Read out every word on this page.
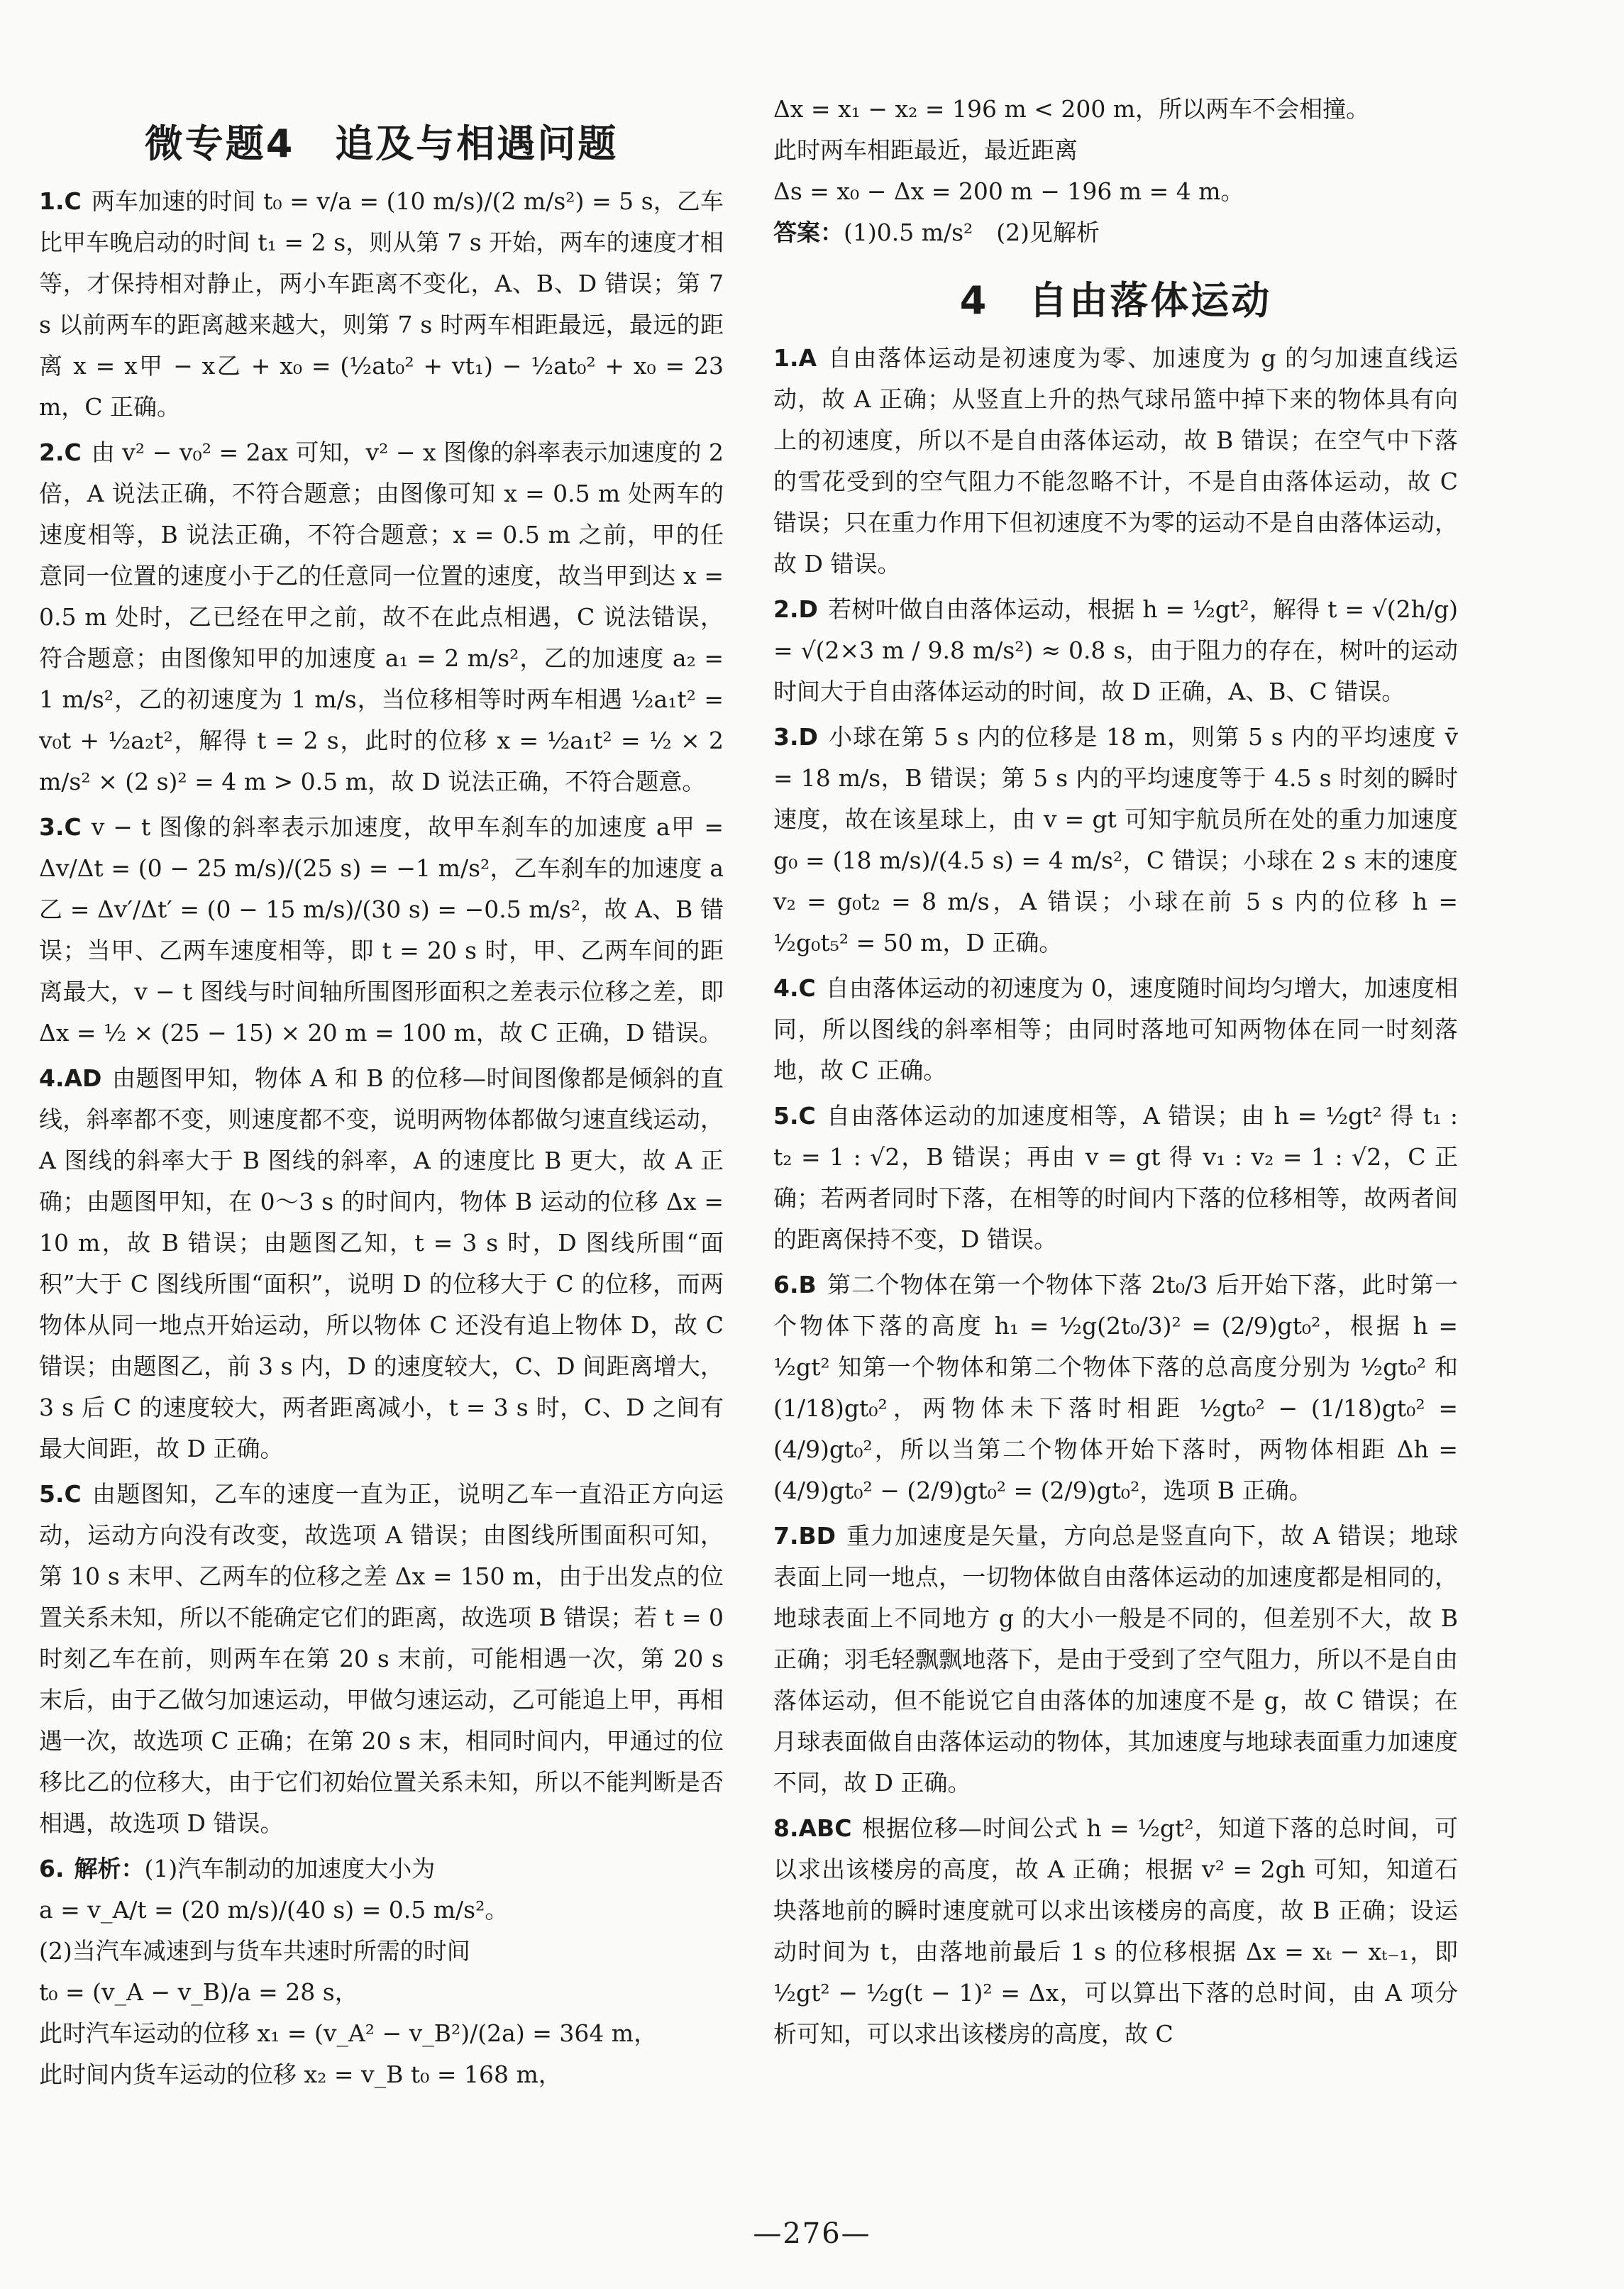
微专题4　追及与相遇问题
1.C 两车加速的时间 t₀ = v/a = (10 m/s)/(2 m/s²) = 5 s，乙车比甲车晚启动的时间 t₁ = 2 s，则从第 7 s 开始，两车的速度才相等，才保持相对静止，两小车距离不变化，A、B、D 错误；第 7 s 以前两车的距离越来越大，则第 7 s 时两车相距最远，最远的距离 x = x甲 − x乙 + x₀ = (½at₀² + vt₁) − ½at₀² + x₀ = 23 m，C 正确。
2.C 由 v² − v₀² = 2ax 可知，v² − x 图像的斜率表示加速度的 2 倍，A 说法正确，不符合题意；由图像可知 x = 0.5 m 处两车的速度相等，B 说法正确，不符合题意；x = 0.5 m 之前，甲的任意同一位置的速度小于乙的任意同一位置的速度，故当甲到达 x = 0.5 m 处时，乙已经在甲之前，故不在此点相遇，C 说法错误，符合题意；由图像知甲的加速度 a₁ = 2 m/s²，乙的加速度 a₂ = 1 m/s²，乙的初速度为 1 m/s，当位移相等时两车相遇 ½a₁t² = v₀t + ½a₂t²，解得 t = 2 s，此时的位移 x = ½a₁t² = ½ × 2 m/s² × (2 s)² = 4 m > 0.5 m，故 D 说法正确，不符合题意。
3.C v − t 图像的斜率表示加速度，故甲车刹车的加速度 a甲 = Δv/Δt = (0 − 25 m/s)/(25 s) = −1 m/s²，乙车刹车的加速度 a乙 = Δv′/Δt′ = (0 − 15 m/s)/(30 s) = −0.5 m/s²，故 A、B 错误；当甲、乙两车速度相等，即 t = 20 s 时，甲、乙两车间的距离最大，v − t 图线与时间轴所围图形面积之差表示位移之差，即 Δx = ½ × (25 − 15) × 20 m = 100 m，故 C 正确，D 错误。
4.AD 由题图甲知，物体 A 和 B 的位移—时间图像都是倾斜的直线，斜率都不变，则速度都不变，说明两物体都做匀速直线运动，A 图线的斜率大于 B 图线的斜率，A 的速度比 B 更大，故 A 正确；由题图甲知，在 0～3 s 的时间内，物体 B 运动的位移 Δx = 10 m，故 B 错误；由题图乙知，t = 3 s 时，D 图线所围“面积”大于 C 图线所围“面积”，说明 D 的位移大于 C 的位移，而两物体从同一地点开始运动，所以物体 C 还没有追上物体 D，故 C 错误；由题图乙，前 3 s 内，D 的速度较大，C、D 间距离增大，3 s 后 C 的速度较大，两者距离减小，t = 3 s 时，C、D 之间有最大间距，故 D 正确。
5.C 由题图知，乙车的速度一直为正，说明乙车一直沿正方向运动，运动方向没有改变，故选项 A 错误；由图线所围面积可知，第 10 s 末甲、乙两车的位移之差 Δx = 150 m，由于出发点的位置关系未知，所以不能确定它们的距离，故选项 B 错误；若 t = 0 时刻乙车在前，则两车在第 20 s 末前，可能相遇一次，第 20 s 末后，由于乙做匀加速运动，甲做匀速运动，乙可能追上甲，再相遇一次，故选项 C 正确；在第 20 s 末，相同时间内，甲通过的位移比乙的位移大，由于它们初始位置关系未知，所以不能判断是否相遇，故选项 D 错误。
6. 解析：(1)汽车制动的加速度大小为
a = v_A/t = (20 m/s)/(40 s) = 0.5 m/s²。
(2)当汽车减速到与货车共速时所需的时间
t₀ = (v_A − v_B)/a = 28 s，
此时汽车运动的位移 x₁ = (v_A² − v_B²)/(2a) = 364 m，
此时间内货车运动的位移 x₂ = v_B t₀ = 168 m，
Δx = x₁ − x₂ = 196 m < 200 m，所以两车不会相撞。
此时两车相距最近，最近距离
Δs = x₀ − Δx = 200 m − 196 m = 4 m。
答案：(1)0.5 m/s²　(2)见解析
4　自由落体运动
1.A 自由落体运动是初速度为零、加速度为 g 的匀加速直线运动，故 A 正确；从竖直上升的热气球吊篮中掉下来的物体具有向上的初速度，所以不是自由落体运动，故 B 错误；在空气中下落的雪花受到的空气阻力不能忽略不计，不是自由落体运动，故 C 错误；只在重力作用下但初速度不为零的运动不是自由落体运动，故 D 错误。
2.D 若树叶做自由落体运动，根据 h = ½gt²，解得 t = √(2h/g) = √(2×3 m / 9.8 m/s²) ≈ 0.8 s，由于阻力的存在，树叶的运动时间大于自由落体运动的时间，故 D 正确，A、B、C 错误。
3.D 小球在第 5 s 内的位移是 18 m，则第 5 s 内的平均速度 v̄ = 18 m/s，B 错误；第 5 s 内的平均速度等于 4.5 s 时刻的瞬时速度，故在该星球上，由 v = gt 可知宇航员所在处的重力加速度 g₀ = (18 m/s)/(4.5 s) = 4 m/s²，C 错误；小球在 2 s 末的速度 v₂ = g₀t₂ = 8 m/s，A 错误；小球在前 5 s 内的位移 h = ½g₀t₅² = 50 m，D 正确。
4.C 自由落体运动的初速度为 0，速度随时间均匀增大，加速度相同，所以图线的斜率相等；由同时落地可知两物体在同一时刻落地，故 C 正确。
5.C 自由落体运动的加速度相等，A 错误；由 h = ½gt² 得 t₁ : t₂ = 1 : √2，B 错误；再由 v = gt 得 v₁ : v₂ = 1 : √2，C 正确；若两者同时下落，在相等的时间内下落的位移相等，故两者间的距离保持不变，D 错误。
6.B 第二个物体在第一个物体下落 2t₀/3 后开始下落，此时第一个物体下落的高度 h₁ = ½g(2t₀/3)² = (2/9)gt₀²，根据 h = ½gt² 知第一个物体和第二个物体下落的总高度分别为 ½gt₀² 和 (1/18)gt₀²，两物体未下落时相距 ½gt₀² − (1/18)gt₀² = (4/9)gt₀²，所以当第二个物体开始下落时，两物体相距 Δh = (4/9)gt₀² − (2/9)gt₀² = (2/9)gt₀²，选项 B 正确。
7.BD 重力加速度是矢量，方向总是竖直向下，故 A 错误；地球表面上同一地点，一切物体做自由落体运动的加速度都是相同的，地球表面上不同地方 g 的大小一般是不同的，但差别不大，故 B 正确；羽毛轻飘飘地落下，是由于受到了空气阻力，所以不是自由落体运动，但不能说它自由落体的加速度不是 g，故 C 错误；在月球表面做自由落体运动的物体，其加速度与地球表面重力加速度不同，故 D 正确。
8.ABC 根据位移—时间公式 h = ½gt²，知道下落的总时间，可以求出该楼房的高度，故 A 正确；根据 v² = 2gh 可知，知道石块落地前的瞬时速度就可以求出该楼房的高度，故 B 正确；设运动时间为 t，由落地前最后 1 s 的位移根据 Δx = xₜ − xₜ₋₁，即 ½gt² − ½g(t − 1)² = Δx，可以算出下落的总时间，由 A 项分析可知，可以求出该楼房的高度，故 C
—276—
